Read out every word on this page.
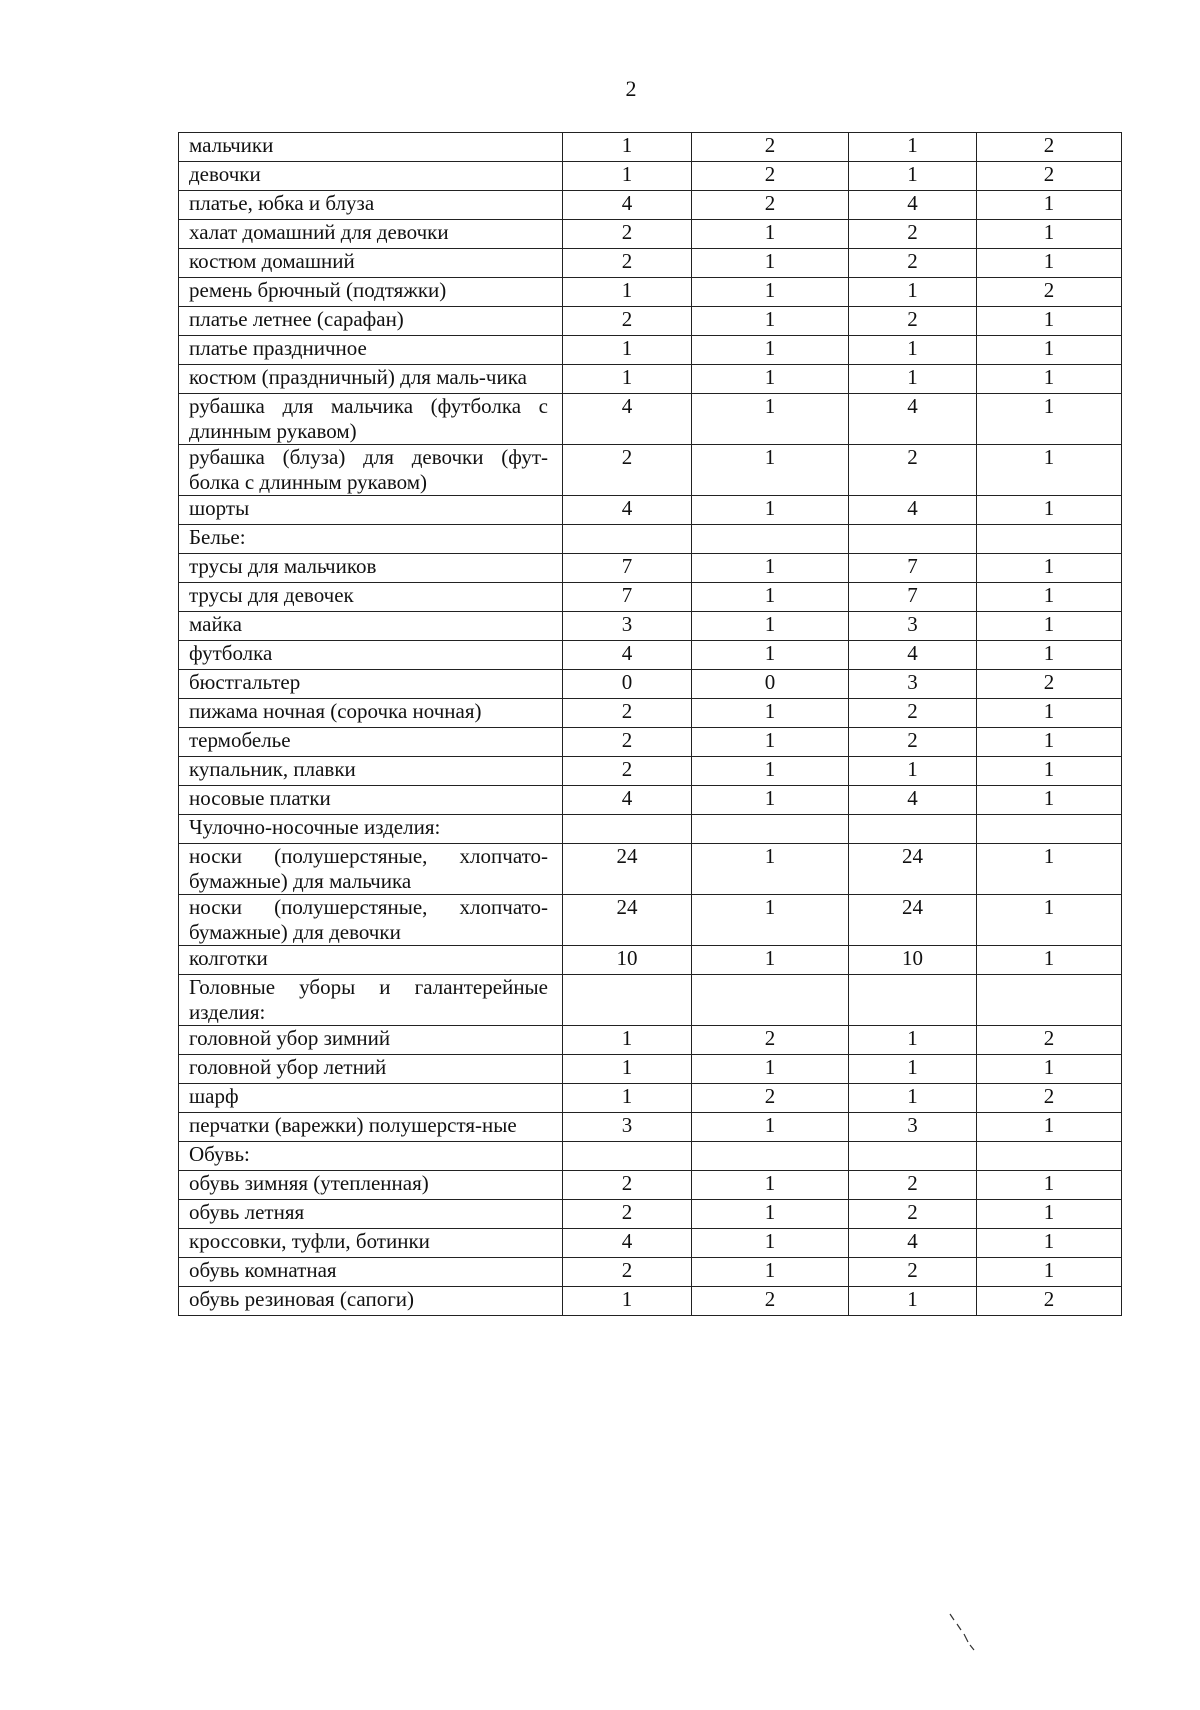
2
мальчики	1	2	1	2
девочки	1	2	1	2
платье, юбка и блуза	4	2	4	1
халат домашний для девочки	2	1	2	1
костюм домашний	2	1	2	1
ремень брючный (подтяжки)	1	1	1	2
платье летнее (сарафан)	2	1	2	1
платье праздничное	1	1	1	1
костюм (праздничный) для маль-чика	1	1	1	1
рубашка для мальчика (футболка с длинным рукавом)	4	1	4	1
рубашка (блуза) для девочки (фут-болка с длинным рукавом)	2	1	2	1
шорты	4	1	4	1
Белье:				
трусы для мальчиков	7	1	7	1
трусы для девочек	7	1	7	1
майка	3	1	3	1
футболка	4	1	4	1
бюстгальтер	0	0	3	2
пижама ночная (сорочка ночная)	2	1	2	1
термобелье	2	1	2	1
купальник, плавки	2	1	1	1
носовые платки	4	1	4	1
Чулочно-носочные изделия:				
носки (полушерстяные, хлопчато-бумажные) для мальчика	24	1	24	1
носки (полушерстяные, хлопчато-бумажные) для девочки	24	1	24	1
колготки	10	1	10	1
Головные уборы и галантерейные изделия:				
головной убор зимний	1	2	1	2
головной убор летний	1	1	1	1
шарф	1	2	1	2
перчатки (варежки) полушерстя-ные	3	1	3	1
Обувь:				
обувь зимняя (утепленная)	2	1	2	1
обувь летняя	2	1	2	1
кроссовки, туфли, ботинки	4	1	4	1
обувь комнатная	2	1	2	1
обувь резиновая (сапоги)	1	2	1	2
